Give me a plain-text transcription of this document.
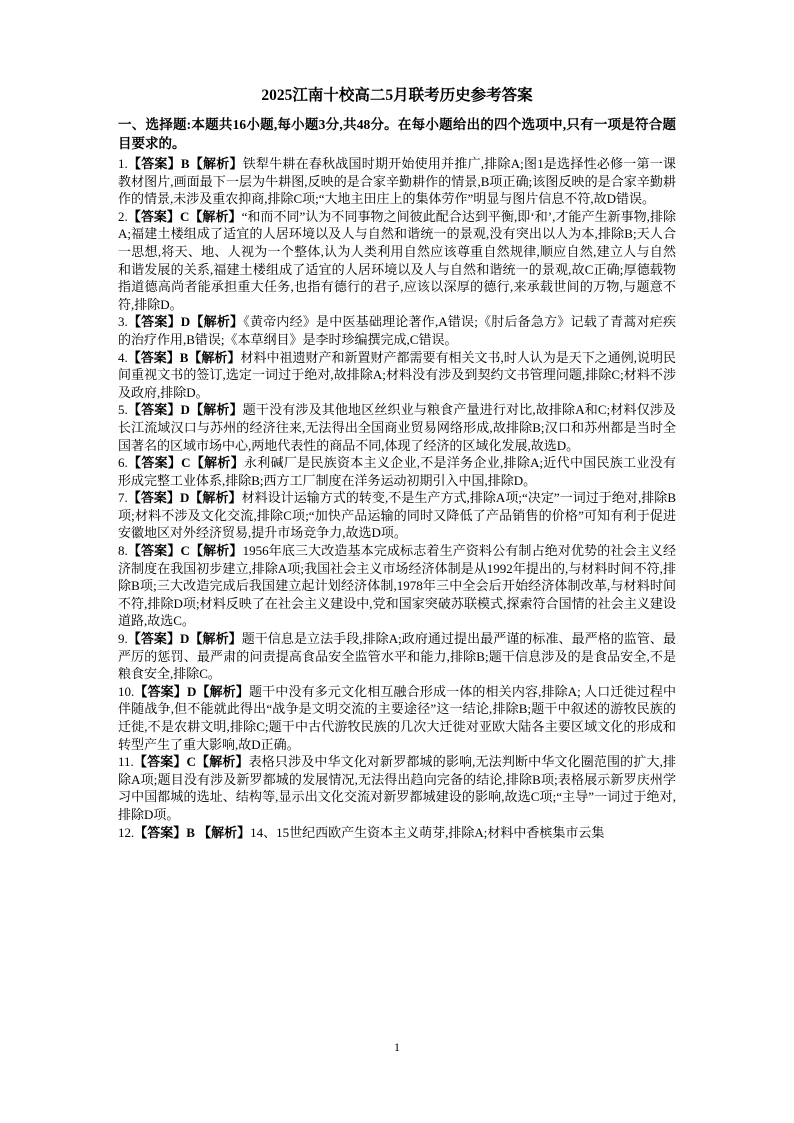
2025江南十校高二5月联考历史参考答案

一、选择题:本题共16小题,每小题3分,共48分。在每小题给出的四个选项中,只有一项是符合题目要求的。

1.【答案】B【解析】铁犁牛耕在春秋战国时期开始使用并推广,排除A;图1是选择性必修一第一课教材图片,画面最下一层为牛耕图,反映的是合家辛勤耕作的情景,B项正确;该图反映的是合家辛勤耕作的情景,未涉及重农抑商,排除C项;“大地主田庄上的集体劳作”明显与图片信息不符,故D错误。

2.【答案】C【解析】“和而不同”认为不同事物之间彼此配合达到平衡,即‘和’,才能产生新事物,排除A;福建土楼组成了适宜的人居环境以及人与自然和谐统一的景观,没有突出以人为本,排除B;天人合一思想,将天、地、人视为一个整体,认为人类利用自然应该尊重自然规律,顺应自然,建立人与自然和谐发展的关系,福建土楼组成了适宜的人居环境以及人与自然和谐统一的景观,故C正确;厚德载物指道德高尚者能承担重大任务,也指有德行的君子,应该以深厚的德行,来承载世间的万物,与题意不符,排除D。

3.【答案】D【解析】《黄帝内经》是中医基础理论著作,A错误;《肘后备急方》记载了青蒿对疟疾的治疗作用,B错误;《本草纲目》是李时珍编撰完成,C错误。

4.【答案】B【解析】材料中祖遗财产和新置财产都需要有相关文书,时人认为是天下之通例,说明民间重视文书的签订,选定一词过于绝对,故排除A;材料没有涉及到契约文书管理问题,排除C;材料不涉及政府,排除D。

5.【答案】D【解析】题干没有涉及其他地区丝织业与粮食产量进行对比,故排除A和C;材料仅涉及长江流域汉口与苏州的经济往来,无法得出全国商业贸易网络形成,故排除B;汉口和苏州都是当时全国著名的区域市场中心,两地代表性的商品不同,体现了经济的区域化发展,故选D。

6.【答案】C【解析】永利碱厂是民族资本主义企业,不是洋务企业,排除A;近代中国民族工业没有形成完整工业体系,排除B;西方工厂制度在洋务运动初期引入中国,排除D。

7.【答案】D【解析】材料设计运输方式的转变,不是生产方式,排除A项;“决定”一词过于绝对,排除B项;材料不涉及文化交流,排除C项;“加快产品运输的同时又降低了产品销售的价格”可知有利于促进安徽地区对外经济贸易,提升市场竞争力,故选D项。

8.【答案】C【解析】1956年底三大改造基本完成标志着生产资料公有制占绝对优势的社会主义经济制度在我国初步建立,排除A项;我国社会主义市场经济体制是从1992年提出的,与材料时间不符,排除B项;三大改造完成后我国建立起计划经济体制,1978年三中全会后开始经济体制改革,与材料时间不符,排除D项;材料反映了在社会主义建设中,党和国家突破苏联模式,探索符合国情的社会主义建设道路,故选C。

9.【答案】D【解析】题干信息是立法手段,排除A;政府通过提出最严谨的标准、最严格的监管、最严厉的惩罚、最严肃的问责提高食品安全监管水平和能力,排除B;题干信息涉及的是食品安全,不是粮食安全,排除C。

10.【答案】D【解析】题干中没有多元文化相互融合形成一体的相关内容,排除A; 人口迁徙过程中伴随战争,但不能就此得出“战争是文明交流的主要途径”这一结论,排除B;题干中叙述的游牧民族的迁徙,不是农耕文明,排除C;题干中古代游牧民族的几次大迁徙对亚欧大陆各主要区域文化的形成和转型产生了重大影响,故D正确。

11.【答案】C【解析】表格只涉及中华文化对新罗都城的影响,无法判断中华文化圈范围的扩大,排除A项;题目没有涉及新罗都城的发展情况,无法得出趋向完备的结论,排除B项;表格展示新罗庆州学习中国都城的选址、结构等,显示出文化交流对新罗都城建设的影响,故选C项;“主导”一词过于绝对,排除D项。

12.【答案】B 【解析】14、15世纪西欧产生资本主义萌芽,排除A;材料中香槟集市云集

1
